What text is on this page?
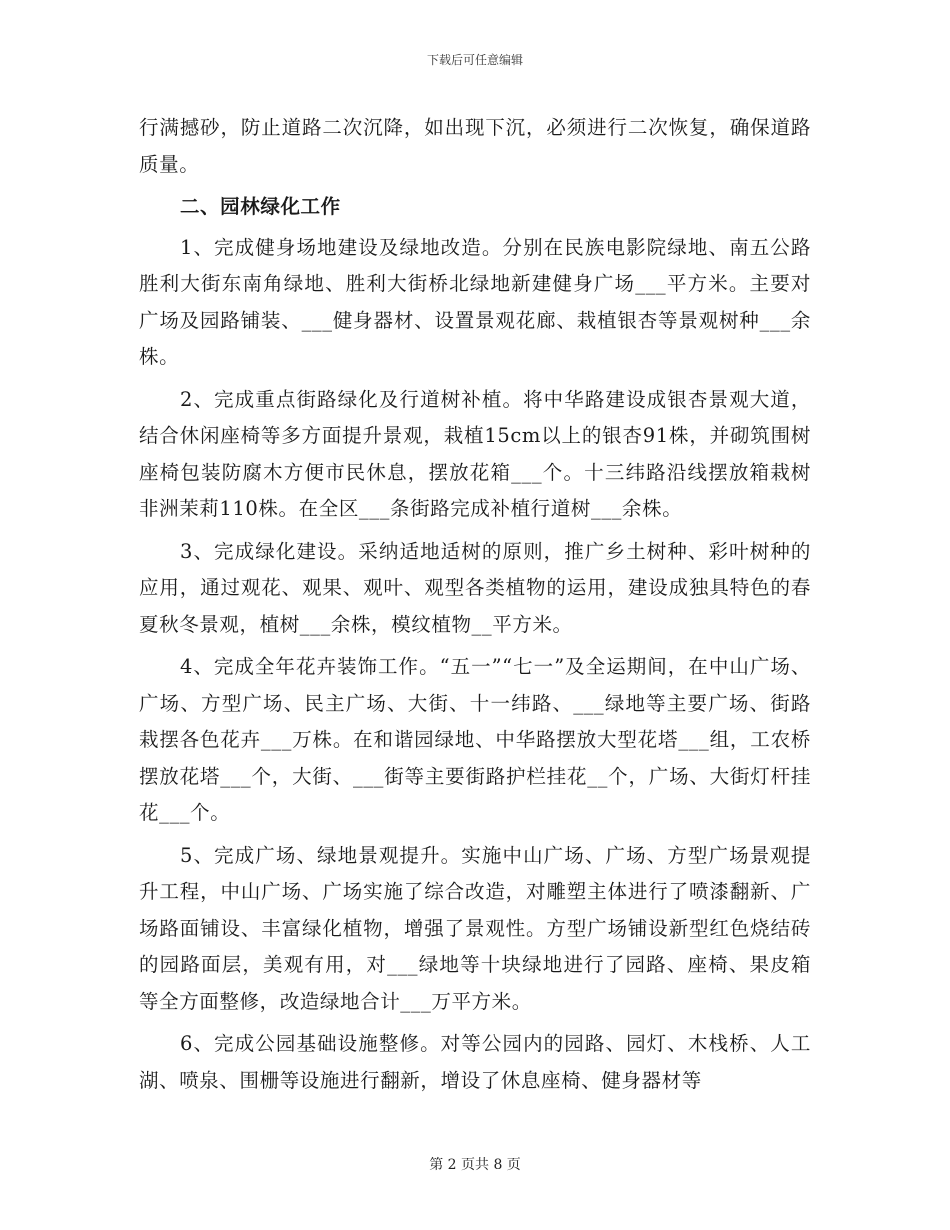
下载后可任意编辑

行满撼砂，防止道路二次沉降，如出现下沉，必须进行二次恢复，确保道路质量。

二、园林绿化工作

1、完成健身场地建设及绿地改造。分别在民族电影院绿地、南五公路胜利大街东南角绿地、胜利大街桥北绿地新建健身广场___平方米。主要对广场及园路铺装、___健身器材、设置景观花廊、栽植银杏等景观树种___余株。

2、完成重点街路绿化及行道树补植。将中华路建设成银杏景观大道，结合休闲座椅等多方面提升景观，栽植15cm以上的银杏91株，并砌筑围树座椅包装防腐木方便市民休息，摆放花箱___个。十三纬路沿线摆放箱栽树非洲茉莉110株。在全区___条街路完成补植行道树___余株。

3、完成绿化建设。采纳适地适树的原则，推广乡土树种、彩叶树种的应用，通过观花、观果、观叶、观型各类植物的运用，建设成独具特色的春夏秋冬景观，植树___余株，模纹植物__平方米。

4、完成全年花卉装饰工作。“五一”“七一”及全运期间，在中山广场、广场、方型广场、民主广场、大街、十一纬路、___绿地等主要广场、街路栽摆各色花卉___万株。在和谐园绿地、中华路摆放大型花塔___组，工农桥摆放花塔___个，大街、___街等主要街路护栏挂花__个，广场、大街灯杆挂花___个。

5、完成广场、绿地景观提升。实施中山广场、广场、方型广场景观提升工程，中山广场、广场实施了综合改造，对雕塑主体进行了喷漆翻新、广场路面铺设、丰富绿化植物，增强了景观性。方型广场铺设新型红色烧结砖的园路面层，美观有用，对___绿地等十块绿地进行了园路、座椅、果皮箱等全方面整修，改造绿地合计___万平方米。

6、完成公园基础设施整修。对等公园内的园路、园灯、木栈桥、人工湖、喷泉、围栅等设施进行翻新，增设了休息座椅、健身器材等

第 2 页共 8 页
